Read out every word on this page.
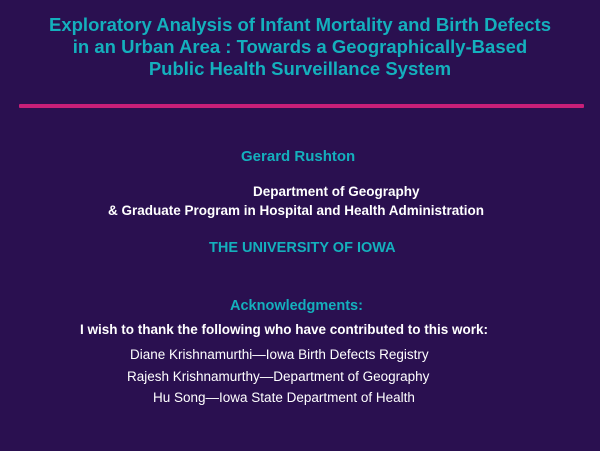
Exploratory Analysis of Infant Mortality and Birth Defects
in an Urban Area : Towards a Geographically-Based
Public Health Surveillance System
Gerard Rushton
Department of Geography
& Graduate Program in Hospital and Health Administration
THE UNIVERSITY OF IOWA
Acknowledgments:
I wish to thank the following who have contributed to this work:
Diane Krishnamurthi—Iowa Birth Defects Registry
Rajesh Krishnamurthy—Department of Geography
Hu Song—Iowa State Department of Health
